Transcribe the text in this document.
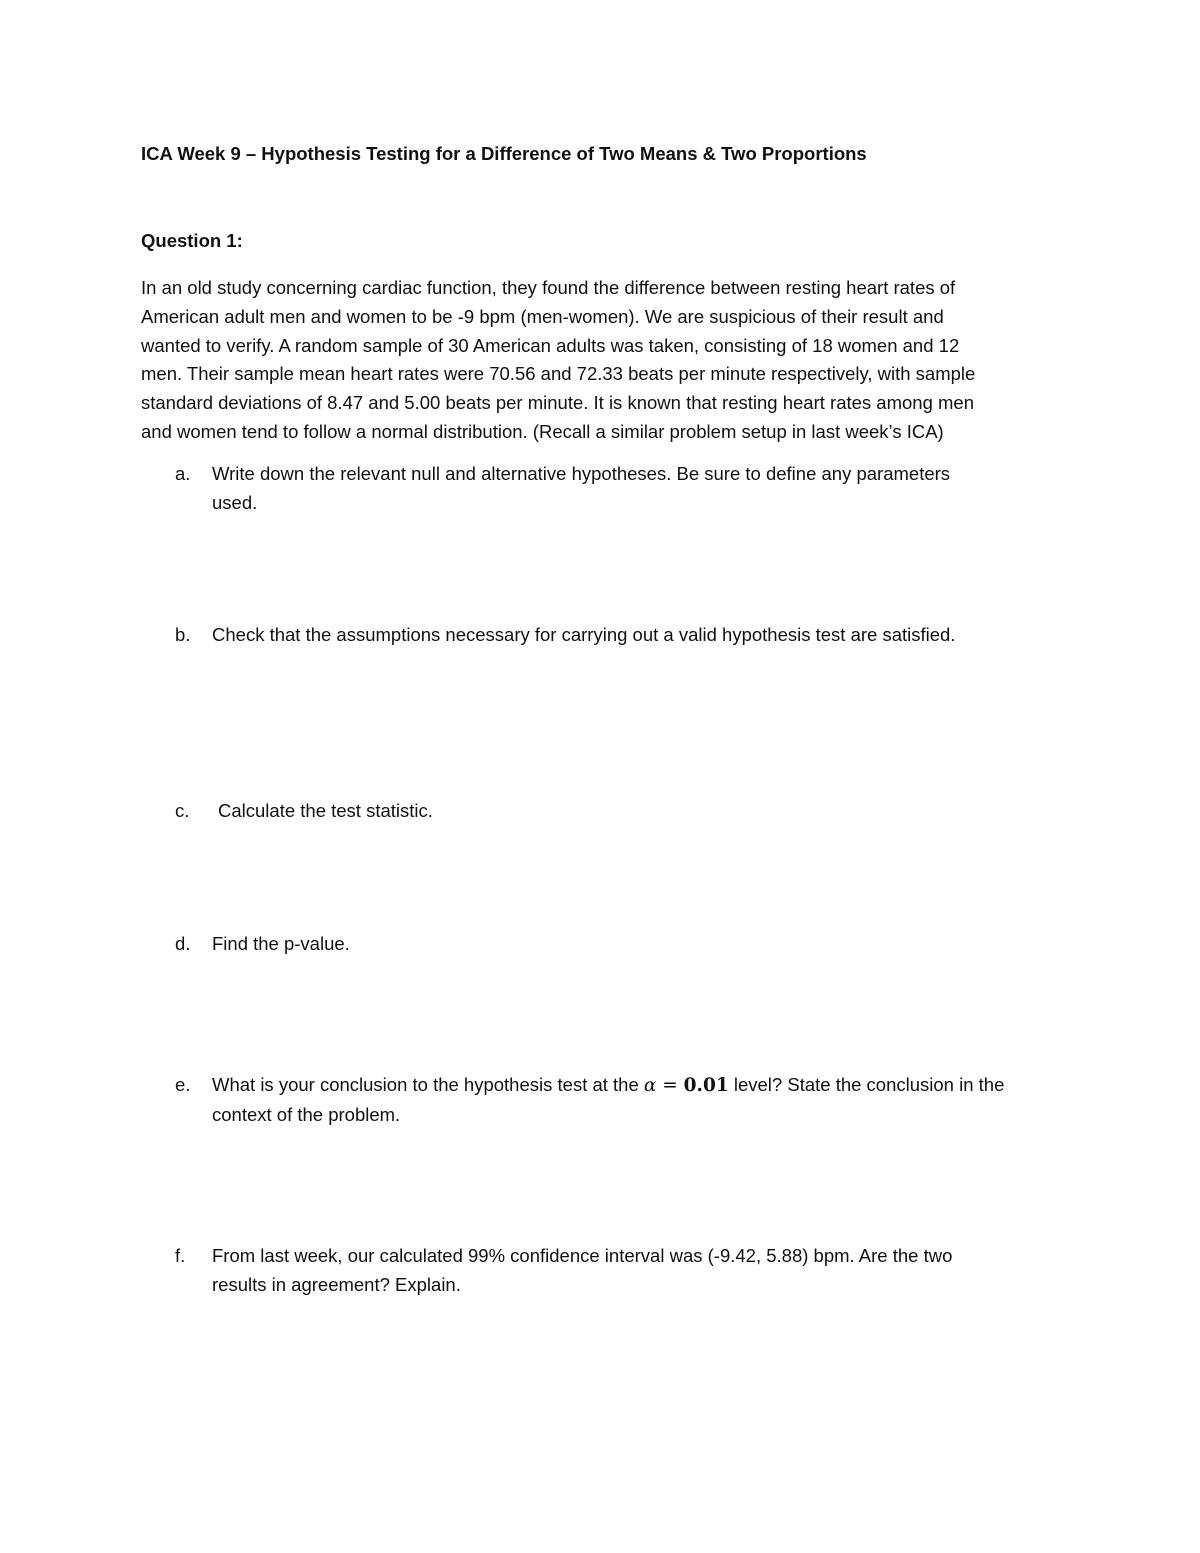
ICA Week 9 – Hypothesis Testing for a Difference of Two Means & Two Proportions
Question 1:

In an old study concerning cardiac function, they found the difference between resting heart rates of
American adult men and women to be -9 bpm (men-women). We are suspicious of their result and
wanted to verify. A random sample of 30 American adults was taken, consisting of 18 women and 12
men. Their sample mean heart rates were 70.56 and 72.33 beats per minute respectively, with sample
standard deviations of 8.47 and 5.00 beats per minute. It is known that resting heart rates among men
and women tend to follow a normal distribution. (Recall a similar problem setup in last week’s ICA)

a. Write down the relevant null and alternative hypotheses. Be sure to define any parameters
used.
b. Check that the assumptions necessary for carrying out a valid hypothesis test are satisfied.
c. Calculate the test statistic.
d. Find the p-value.
e. What is your conclusion to the hypothesis test at the α = 0.01 level? State the conclusion in the
context of the problem.
f. From last week, our calculated 99% confidence interval was (-9.42, 5.88) bpm. Are the two
results in agreement? Explain.
